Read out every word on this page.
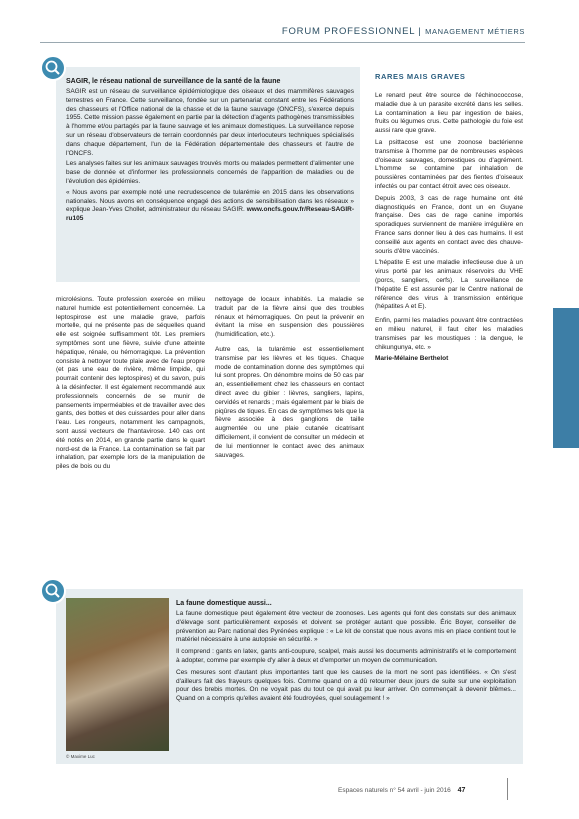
FORUM PROFESSIONNEL | MANAGEMENT MÉTIERS

SAGIR, le réseau national de surveillance de la santé de la faune

SAGIR est un réseau de surveillance épidémiologique des oiseaux et des mammifères sauvages terrestres en France. Cette surveillance, fondée sur un partenariat constant entre les Fédérations des chasseurs et l'Office national de la chasse et de la faune sauvage (ONCFS), s'exerce depuis 1955. Cette mission passe également en partie par la détection d'agents pathogènes transmissibles à l'homme et/ou partagés par la faune sauvage et les animaux domestiques. La surveillance repose sur un réseau d'observateurs de terrain coordonnés par deux interlocuteurs techniques spécialisés dans chaque département, l'un de la Fédération départementale des chasseurs et l'autre de l'ONCFS.

Les analyses faites sur les animaux sauvages trouvés morts ou malades permettent d'alimenter une base de donnée et d'informer les professionnels concernés de l'apparition de maladies ou de l'évolution des épidémies.

« Nous avons par exemple noté une recrudescence de tularémie en 2015 dans les observations nationales. Nous avons en conséquence engagé des actions de sensibilisation dans les réseaux » explique Jean-Yves Chollet, administrateur du réseau SAGIR. www.oncfs.gouv.fr/Reseau-SAGIR-ru105

RARES MAIS GRAVES

Le renard peut être source de l'échinococcose, maladie due à un parasite excrété dans les selles. La contamination a lieu par ingestion de baies, fruits ou légumes crus. Cette pathologie du foie est aussi rare que grave.

La psittacose est une zoonose bactérienne transmise à l'homme par de nombreuses espèces d'oiseaux sauvages, domestiques ou d'agrément. L'homme se contamine par inhalation de poussières contaminées par des fientes d'oiseaux infectés ou par contact étroit avec ces oiseaux.

Depuis 2003, 3 cas de rage humaine ont été diagnostiqués en France, dont un en Guyane française. Des cas de rage canine importés sporadiques surviennent de manière irrégulière en France sans donner lieu à des cas humains. Il est conseillé aux agents en contact avec des chauve-souris d'être vaccinés.

L'hépatite E est une maladie infectieuse due à un virus porté par les animaux réservoirs du VHE (porcs, sangliers, cerfs). La surveillance de l'hépatite E est assurée par le Centre national de référence des virus à transmission entérique (hépatites A et E).

Enfin, parmi les maladies pouvant être contractées en milieu naturel, il faut citer les maladies transmises par les moustiques : la dengue, le chikungunya, etc. »

Marie-Mélaine Berthelot

microlésions. Toute profession exercée en milieu naturel humide est potentiellement concernée. La leptospirose est une maladie grave, parfois mortelle, qui ne présente pas de séquelles quand elle est soignée suffisamment tôt. Les premiers symptômes sont une fièvre, suivie d'une atteinte hépatique, rénale, ou hémorragique. La prévention consiste à nettoyer toute plaie avec de l'eau propre (et pas une eau de rivière, même limpide, qui pourrait contenir des leptospires) et du savon, puis à la désinfecter. Il est également recommandé aux professionnels concernés de se munir de pansements imperméables et de travailler avec des gants, des bottes et des cuissardes pour aller dans l'eau. Les rongeurs, notamment les campagnols, sont aussi vecteurs de l'hantavirose. 140 cas ont été notés en 2014, en grande partie dans le quart nord-est de la France. La contamination se fait par inhalation, par exemple lors de la manipulation de piles de bois ou du

nettoyage de locaux inhabités. La maladie se traduit par de la fièvre ainsi que des troubles rénaux et hémorragiques. On peut la prévenir en évitant la mise en suspension des poussières (humidification, etc.).

Autre cas, la tularémie est essentiellement transmise par les lièvres et les tiques. Chaque mode de contamination donne des symptômes qui lui sont propres. On dénombre moins de 50 cas par an, essentiellement chez les chasseurs en contact direct avec du gibier : lièvres, sangliers, lapins, cervidés et renards ; mais également par le biais de piqûres de tiques. En cas de symptômes tels que la fièvre associée à des ganglions de taille augmentée ou une plaie cutanée cicatrisant difficilement, il convient de consulter un médecin et de lui mentionner le contact avec des animaux sauvages.

© Maxime Luc

La faune domestique aussi...

La faune domestique peut également être vecteur de zoonoses. Les agents qui font des constats sur des animaux d'élevage sont particulièrement exposés et doivent se protéger autant que possible. Éric Boyer, conseiller de prévention au Parc national des Pyrénées explique : « Le kit de constat que nous avons mis en place contient tout le matériel nécessaire à une autopsie en sécurité. »

Il comprend : gants en latex, gants anti-coupure, scalpel, mais aussi les documents administratifs et le comportement à adopter, comme par exemple d'y aller à deux et d'emporter un moyen de communication.

Ces mesures sont d'autant plus importantes tant que les causes de la mort ne sont pas identifiées. « On s'est d'ailleurs fait des frayeurs quelques fois. Comme quand on a dû retourner deux jours de suite sur une exploitation pour des brebis mortes. On ne voyait pas du tout ce qui avait pu leur arriver. On commençait à devenir blêmes... Quand on a compris qu'elles avaient été foudroyées, quel soulagement ! »

Espaces naturels n° 54 avril - juin 2016 47
